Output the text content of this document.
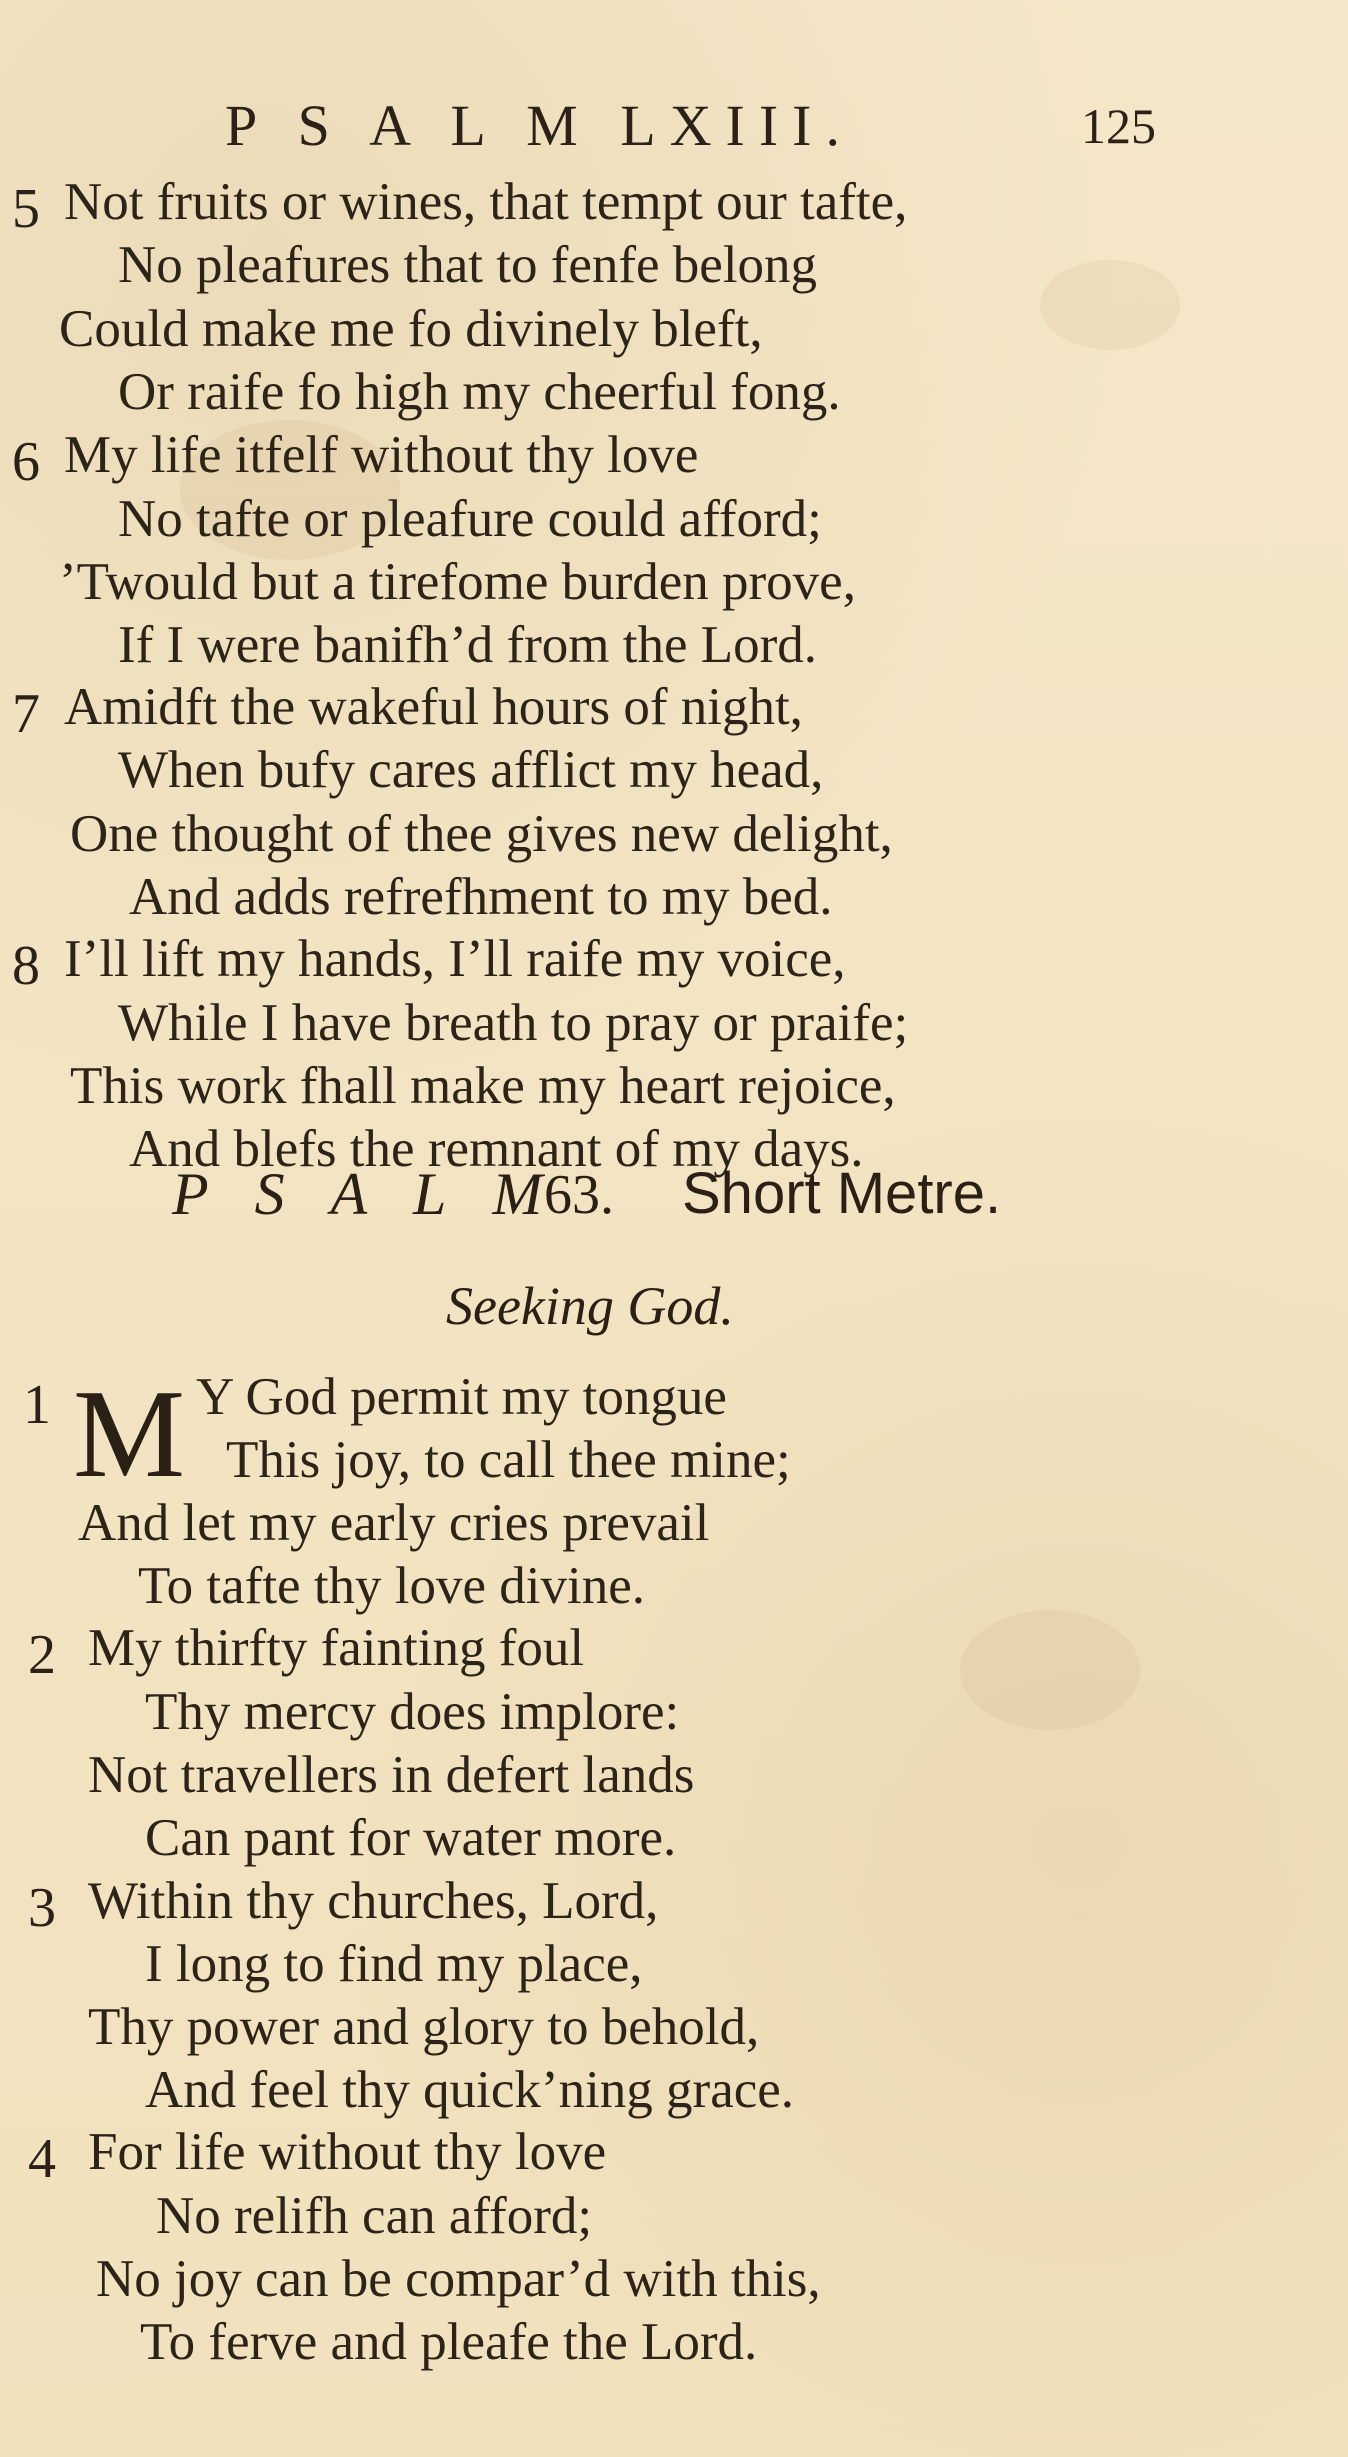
P S A L M LXIII.	125
5 Not fruits or wines, that tempt our tafte,
No pleafures that to fenfe belong
Could make me fo divinely bleft,
Or raife fo high my cheerful fong.
6 My life itfelf without thy love
No tafte or pleafure could afford;
’Twould but a tirefome burden prove,
If I were banifh’d from the Lord.
7 Amidft the wakeful hours of night,
When bufy cares afflict my head,
One thought of thee gives new delight,
And adds refrefhment to my bed.
8 I’ll lift my hands, I’ll raife my voice,
While I have breath to pray or praife;
This work fhall make my heart rejoice,
And blefs the remnant of my days.
P S A L M
63. Short Metre.
Seeking God.
M
1	Y God permit my tongue
This joy, to call thee mine;
And let my early cries prevail
To tafte thy love divine.
2 My thirfty fainting foul
Thy mercy does implore:
Not travellers in defert lands
Can pant for water more.
3 Within thy churches, Lord,
I long to find my place,
Thy power and glory to behold,
And feel thy quick’ning grace.
4 For life without thy love
No relifh can afford;
No joy can be compar’d with this,
To ferve and pleafe the Lord.
